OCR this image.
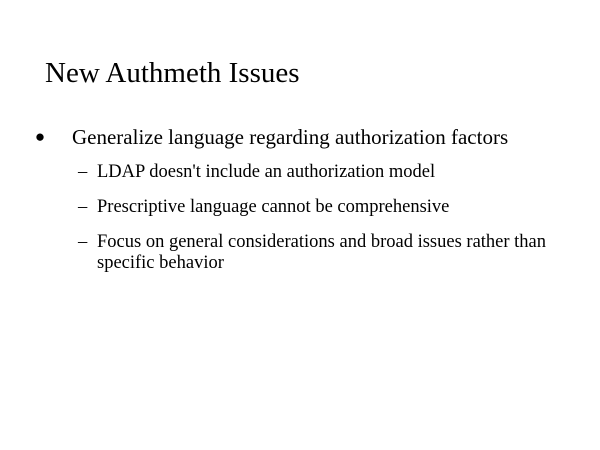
New Authmeth Issues
● Generalize language regarding authorization factors
– LDAP doesn't include an authorization model
– Prescriptive language cannot be comprehensive
– Focus on general considerations and broad issues rather than specific behavior
